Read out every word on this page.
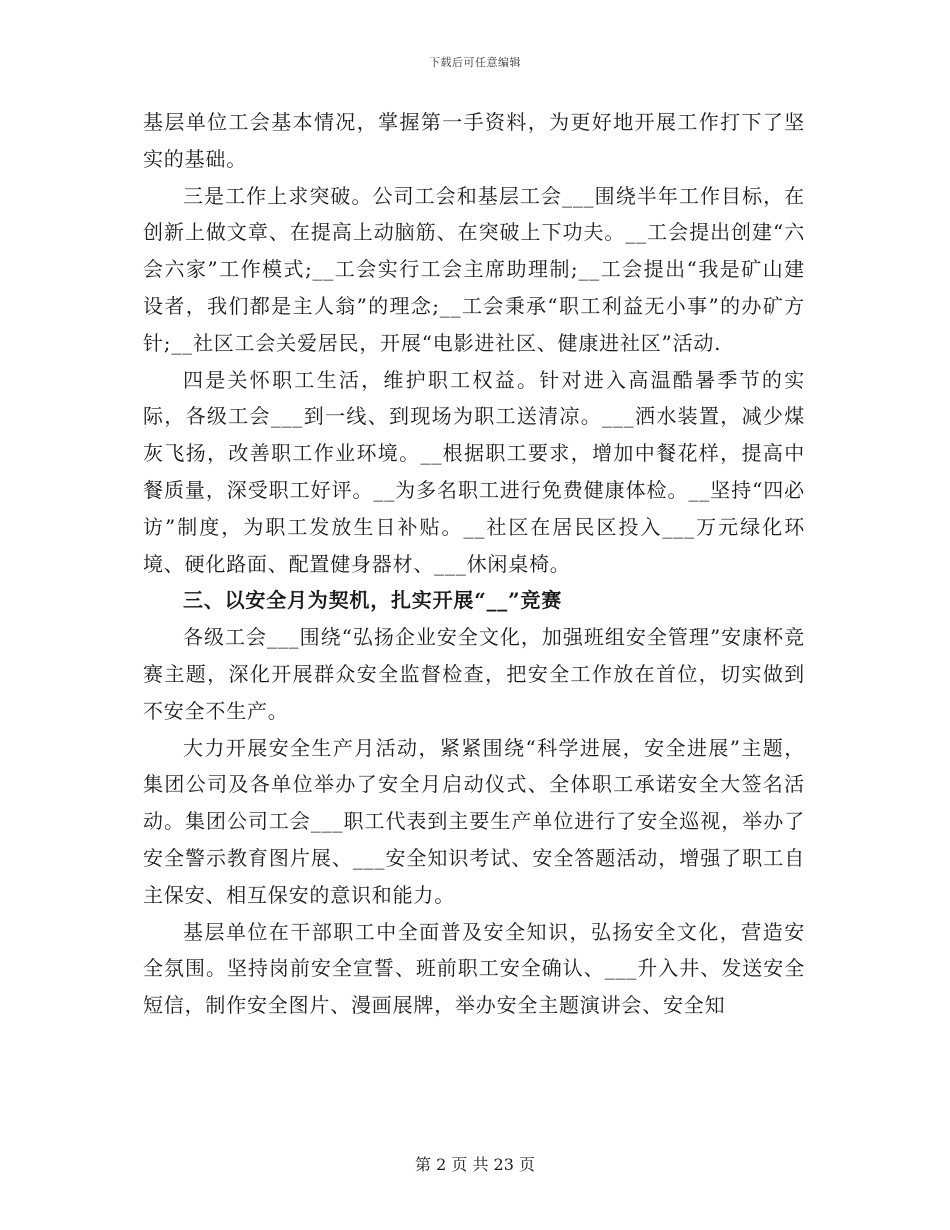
下载后可任意编辑

基层单位工会基本情况，掌握第一手资料，为更好地开展工作打下了坚实的基础。

三是工作上求突破。公司工会和基层工会___围绕半年工作目标，在创新上做文章、在提高上动脑筋、在突破上下功夫。__工会提出创建“六会六家”工作模式;__工会实行工会主席助理制;__工会提出“我是矿山建设者，我们都是主人翁”的理念;__工会秉承“职工利益无小事”的办矿方针;__社区工会关爱居民，开展“电影进社区、健康进社区”活动.

四是关怀职工生活，维护职工权益。针对进入高温酷暑季节的实际，各级工会___到一线、到现场为职工送清凉。___洒水装置，减少煤灰飞扬，改善职工作业环境。__根据职工要求，增加中餐花样，提高中餐质量，深受职工好评。__为多名职工进行免费健康体检。__坚持“四必访”制度，为职工发放生日补贴。__社区在居民区投入___万元绿化环境、硬化路面、配置健身器材、___休闲桌椅。

三、以安全月为契机，扎实开展“__”竞赛

各级工会___围绕“弘扬企业安全文化，加强班组安全管理”安康杯竞赛主题，深化开展群众安全监督检查，把安全工作放在首位，切实做到不安全不生产。

大力开展安全生产月活动，紧紧围绕“科学进展，安全进展”主题，集团公司及各单位举办了安全月启动仪式、全体职工承诺安全大签名活动。集团公司工会___职工代表到主要生产单位进行了安全巡视，举办了安全警示教育图片展、___安全知识考试、安全答题活动，增强了职工自主保安、相互保安的意识和能力。

基层单位在干部职工中全面普及安全知识，弘扬安全文化，营造安全氛围。坚持岗前安全宣誓、班前职工安全确认、___升入井、发送安全短信，制作安全图片、漫画展牌，举办安全主题演讲会、安全知

第 2 页 共 23 页
